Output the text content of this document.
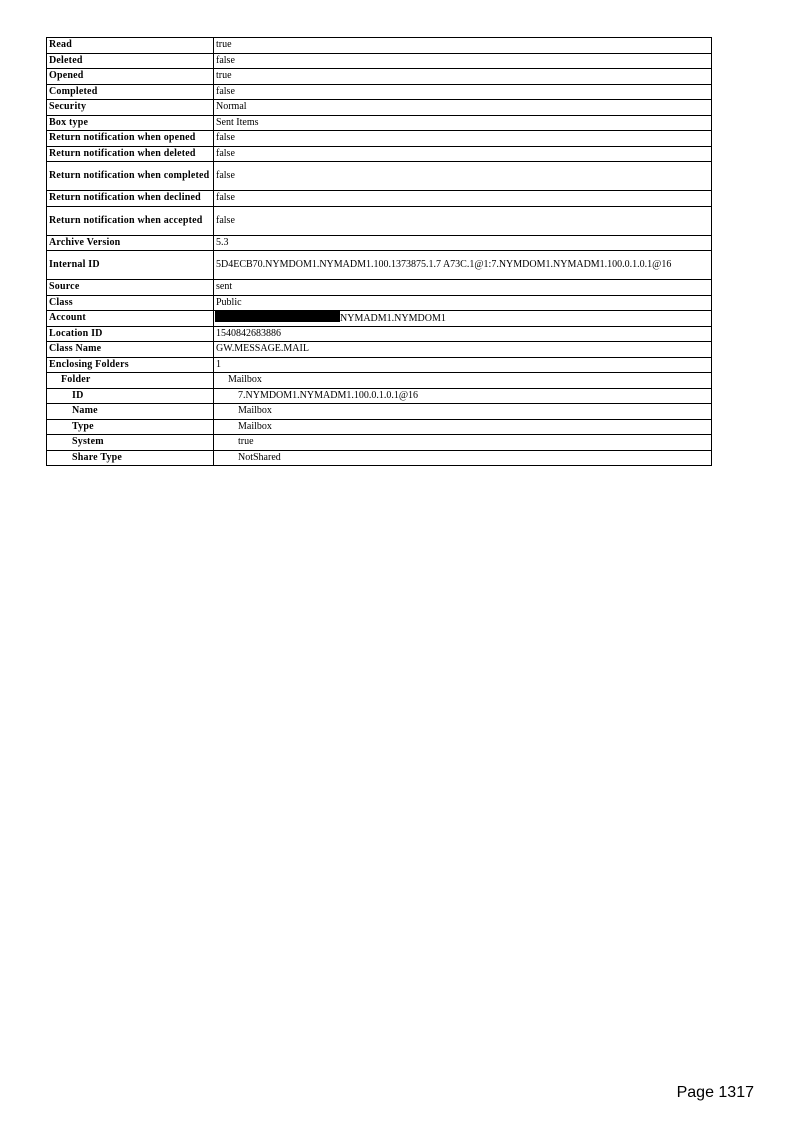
Read	true
Deleted	false
Opened	true
Completed	false
Security	Normal
Box type	Sent Items
Return notification when opened	false
Return notification when deleted	false
Return notification when completed	false
Return notification when declined	false
Return notification when accepted	false
Archive Version	5.3
Internal ID	5D4ECB70.NYMDOM1.NYMADM1.100.1373875.1.7 A73C.1@1:7.NYMDOM1.NYMADM1.100.0.1.0.1@16
Source	sent
Class	Public
Account	NYMADM1.NYMDOM1
Location ID	1540842683886
Class Name	GW.MESSAGE.MAIL
Enclosing Folders	1
Folder	Mailbox
ID	7.NYMDOM1.NYMADM1.100.0.1.0.1@16
Name	Mailbox
Type	Mailbox
System	true
Share Type	NotShared
Page 1317
